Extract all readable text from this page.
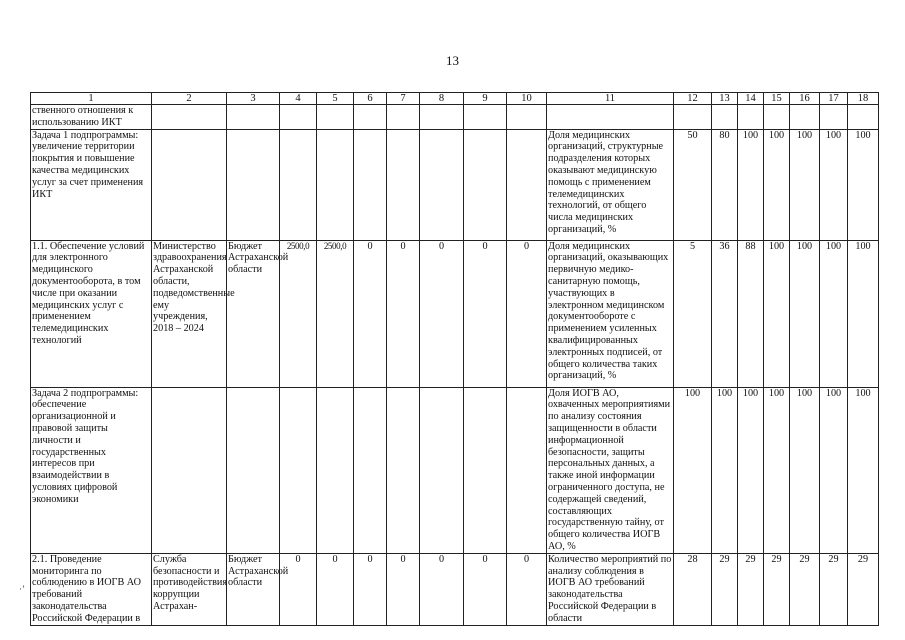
13
1	2	3	4	5	6	7	8	9	10	11	12	13	14	15	16	17	18
ственного отношения к использованию ИКТ																	
Задача 1 подпрограммы: увеличение территории покрытия и повышение качества медицинских услуг за счет применения ИКТ										Доля медицинских организаций, структурные подразделения которых оказывают медицинскую помощь с применением телемедицинских технологий, от общего числа медицинских организаций, %	50	80	100	100	100	100	100
1.1. Обеспечение условий для электронного медицинского документооборота, в том числе при оказании медицинских услуг с применением телемедицинских технологий	Министерство здравоохранения Астраханской области, подведомственные ему учреждения, 2018 – 2024	Бюджет Астраханской области	2500,0	2500,0	0	0	0	0	0	Доля медицинских организаций, оказывающих первичную медико-санитарную помощь, участвующих в электронном медицинском документообороте с применением усиленных квалифицированных электронных подписей, от общего количества таких организаций, %	5	36	88	100	100	100	100
Задача 2 подпрограммы: обеспечение организационной и правовой защиты личности и государственных интересов при взаимодействии в условиях цифровой экономики										Доля ИОГВ АО, охваченных мероприятиями по анализу состояния защищенности в области информационной безопасности, защиты персональных данных, а также иной информации ограниченного доступа, не содержащей сведений, составляющих государственную тайну, от общего количества ИОГВ АО, %	100	100	100	100	100	100	100
2.1. Проведение мониторинга по соблюдению в ИОГВ АО требований законодательства Российской Федерации в	Служба безопасности и противодействия коррупции Астрахан-	Бюджет Астраханской области	0	0	0	0	0	0	0	Количество мероприятий по анализу соблюдения в ИОГВ АО требований законодательства Российской Федерации в области	28	29	29	29	29	29	29
·ʼ
